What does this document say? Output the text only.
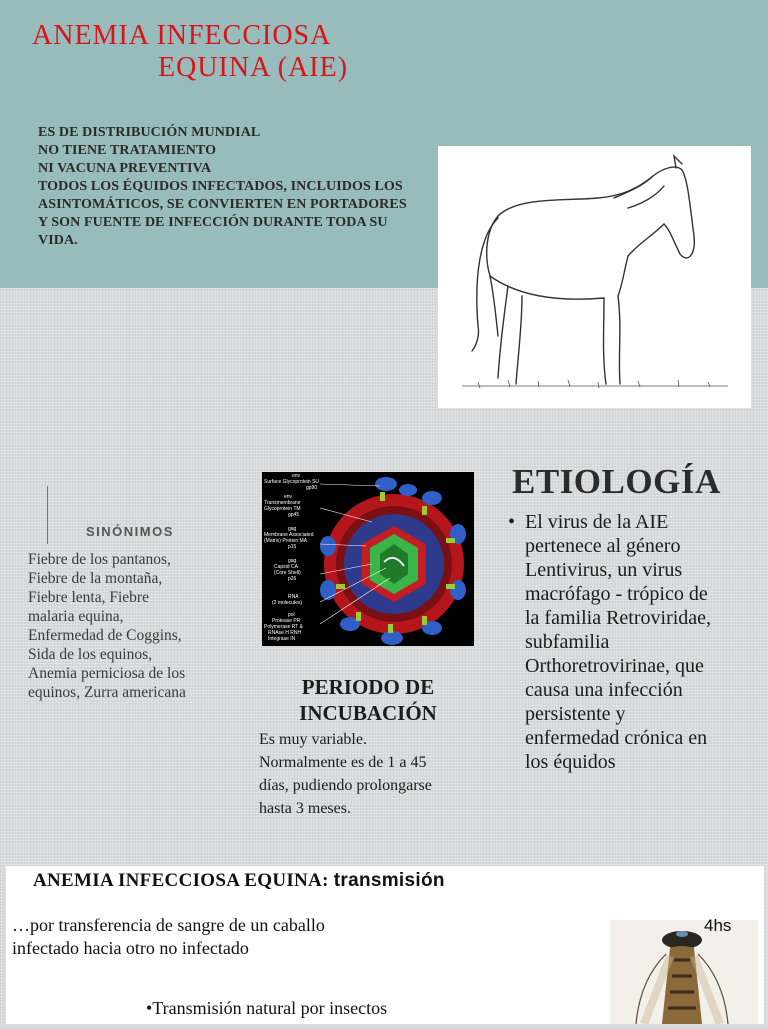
ANEMIA INFECCIOSA
EQUINA (AIE)
ES DE DISTRIBUCIÓN MUNDIAL
NO TIENE TRATAMIENTO
NI VACUNA PREVENTIVA
TODOS LOS ÉQUIDOS INFECTADOS, INCLUIDOS LOS
ASINTOMÁTICOS, SE CONVIERTEN EN PORTADORES
Y SON FUENTE DE INFECCIÓN DURANTE TODA SU
VIDA.
SINÓNIMOS
Fiebre de los pantanos,
Fiebre de la montaña,
Fiebre lenta, Fiebre
malaria equina,
Enfermedad de Coggins,
Sida de los equinos,
Anemia perniciosa de los
equinos, Zurra americana
env
Surface Glycoprotein SU
gp90
env
Transmembrane
Glycoprotein TM
gp45
gag
Membrane Associated
(Matrix) Protein MA
p15
gag
Capsid CA
(Core Shell)
p26
RNA
(2 molecules)
pol
Protease PR
Polymerase RT &
RNAse H RNH
Integrase IN
PERIODO DE
INCUBACIÓN
Es muy variable.
Normalmente es de 1 a 45
días, pudiendo prolongarse
hasta 3 meses.
ETIOLOGÍA
• El virus de la AIE
pertenece al género
Lentivirus, un virus
macrófago - trópico de
la familia Retroviridae,
subfamilia
Orthoretrovirinae, que
causa una infección
persistente y
enfermedad crónica en
los équidos
ANEMIA INFECCIOSA EQUINA: transmisión
…por transferencia de sangre de un caballo
infectado hacia otro no infectado
•Transmisión natural por insectos
4hs
